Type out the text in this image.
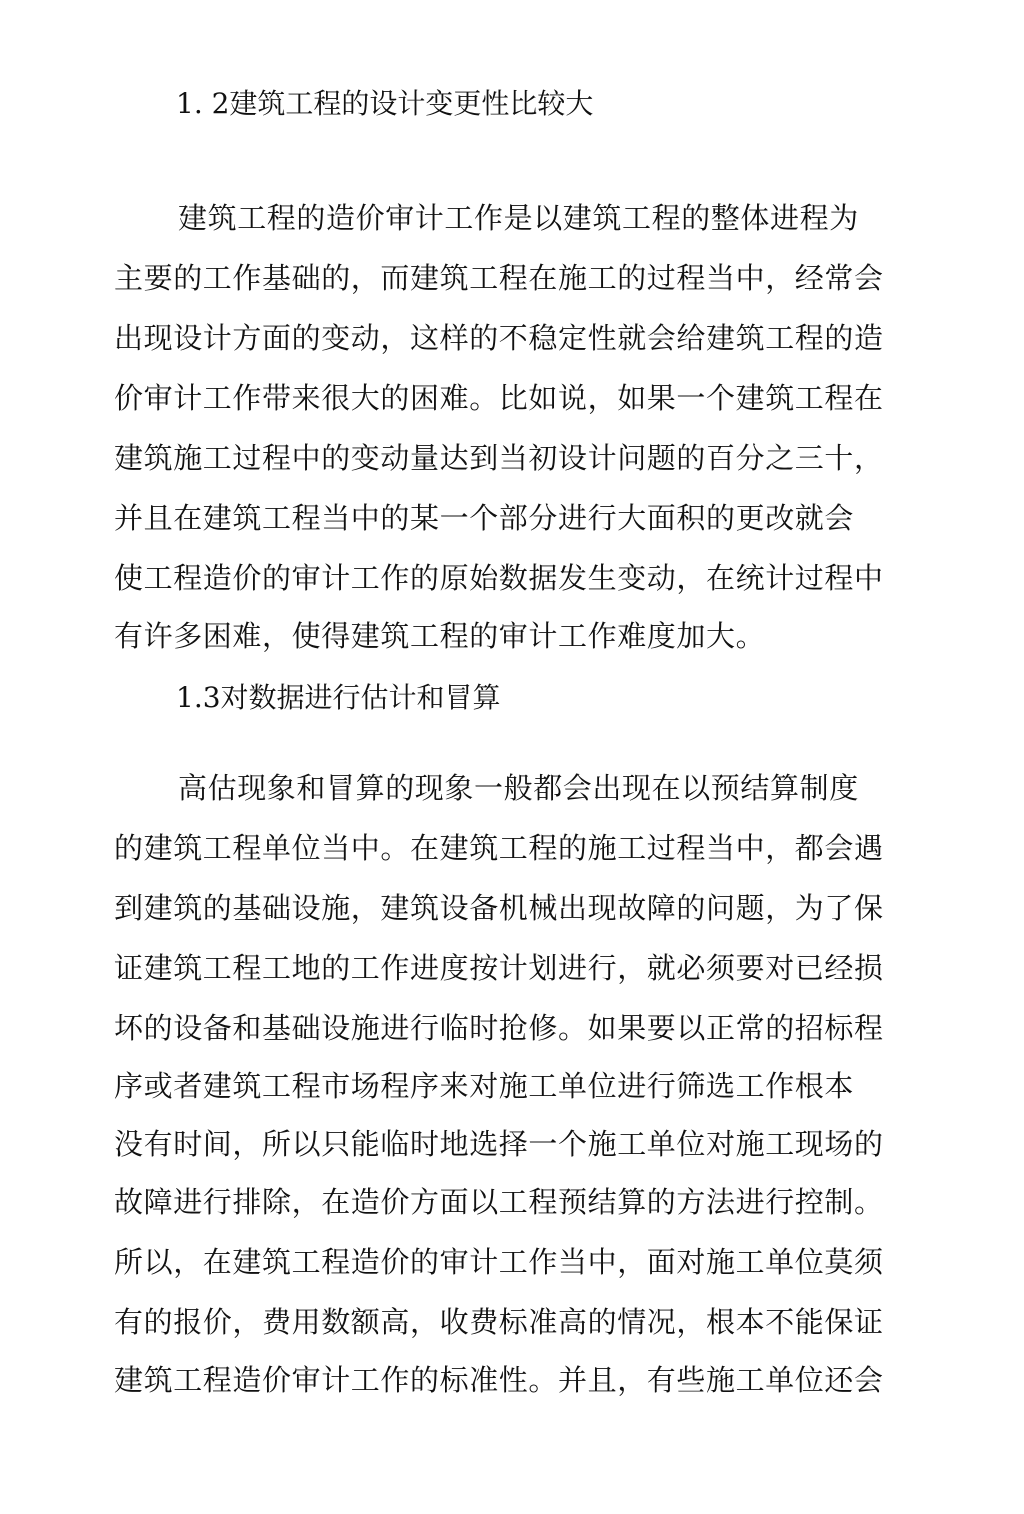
1. 2建筑工程的设计变更性比较大
建筑工程的造价审计工作是以建筑工程的整体进程为
主要的工作基础的，而建筑工程在施工的过程当中，经常会
出现设计方面的变动，这样的不稳定性就会给建筑工程的造
价审计工作带来很大的困难。比如说，如果一个建筑工程在
建筑施工过程中的变动量达到当初设计问题的百分之三十，
并且在建筑工程当中的某一个部分进行大面积的更改就会
使工程造价的审计工作的原始数据发生变动，在统计过程中
有许多困难，使得建筑工程的审计工作难度加大。
1.3对数据进行估计和冒算
高估现象和冒算的现象一般都会出现在以预结算制度
的建筑工程单位当中。在建筑工程的施工过程当中，都会遇
到建筑的基础设施，建筑设备机械出现故障的问题，为了保
证建筑工程工地的工作进度按计划进行，就必须要对已经损
坏的设备和基础设施进行临时抢修。如果要以正常的招标程
序或者建筑工程市场程序来对施工单位进行筛选工作根本
没有时间，所以只能临时地选择一个施工单位对施工现场的
故障进行排除，在造价方面以工程预结算的方法进行控制。
所以，在建筑工程造价的审计工作当中，面对施工单位莫须
有的报价，费用数额高，收费标准高的情况，根本不能保证
建筑工程造价审计工作的标准性。并且，有些施工单位还会
